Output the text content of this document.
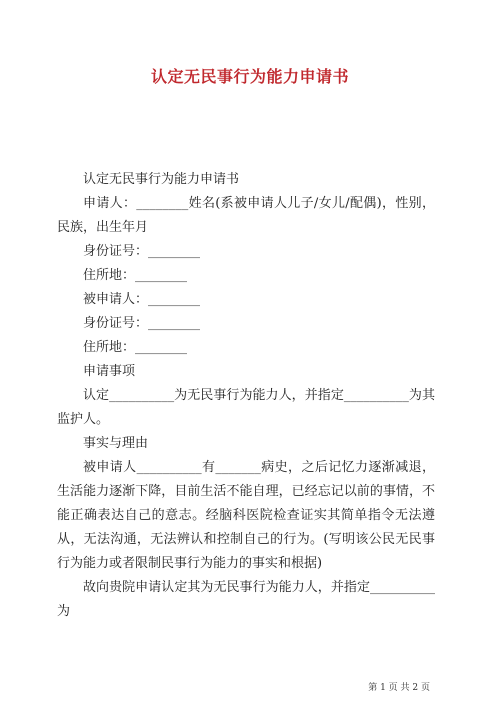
认定无民事行为能力申请书

认定无民事行为能力申请书

申请人：________姓名(系被申请人儿子/女儿/配偶)，性别，民族，出生年月

身份证号：________

住所地：________

被申请人：________

身份证号：________

住所地：________

申请事项

认定__________为无民事行为能力人，并指定__________为其监护人。

事实与理由

被申请人__________有_______病史，之后记忆力逐渐减退，生活能力逐渐下降，目前生活不能自理，已经忘记以前的事情，不能正确表达自己的意志。经脑科医院检查证实其简单指令无法遵从，无法沟通，无法辨认和控制自己的行为。(写明该公民无民事行为能力或者限制民事行为能力的事实和根据)

故向贵院申请认定其为无民事行为能力人，并指定__________为

第 1 页 共 2 页
